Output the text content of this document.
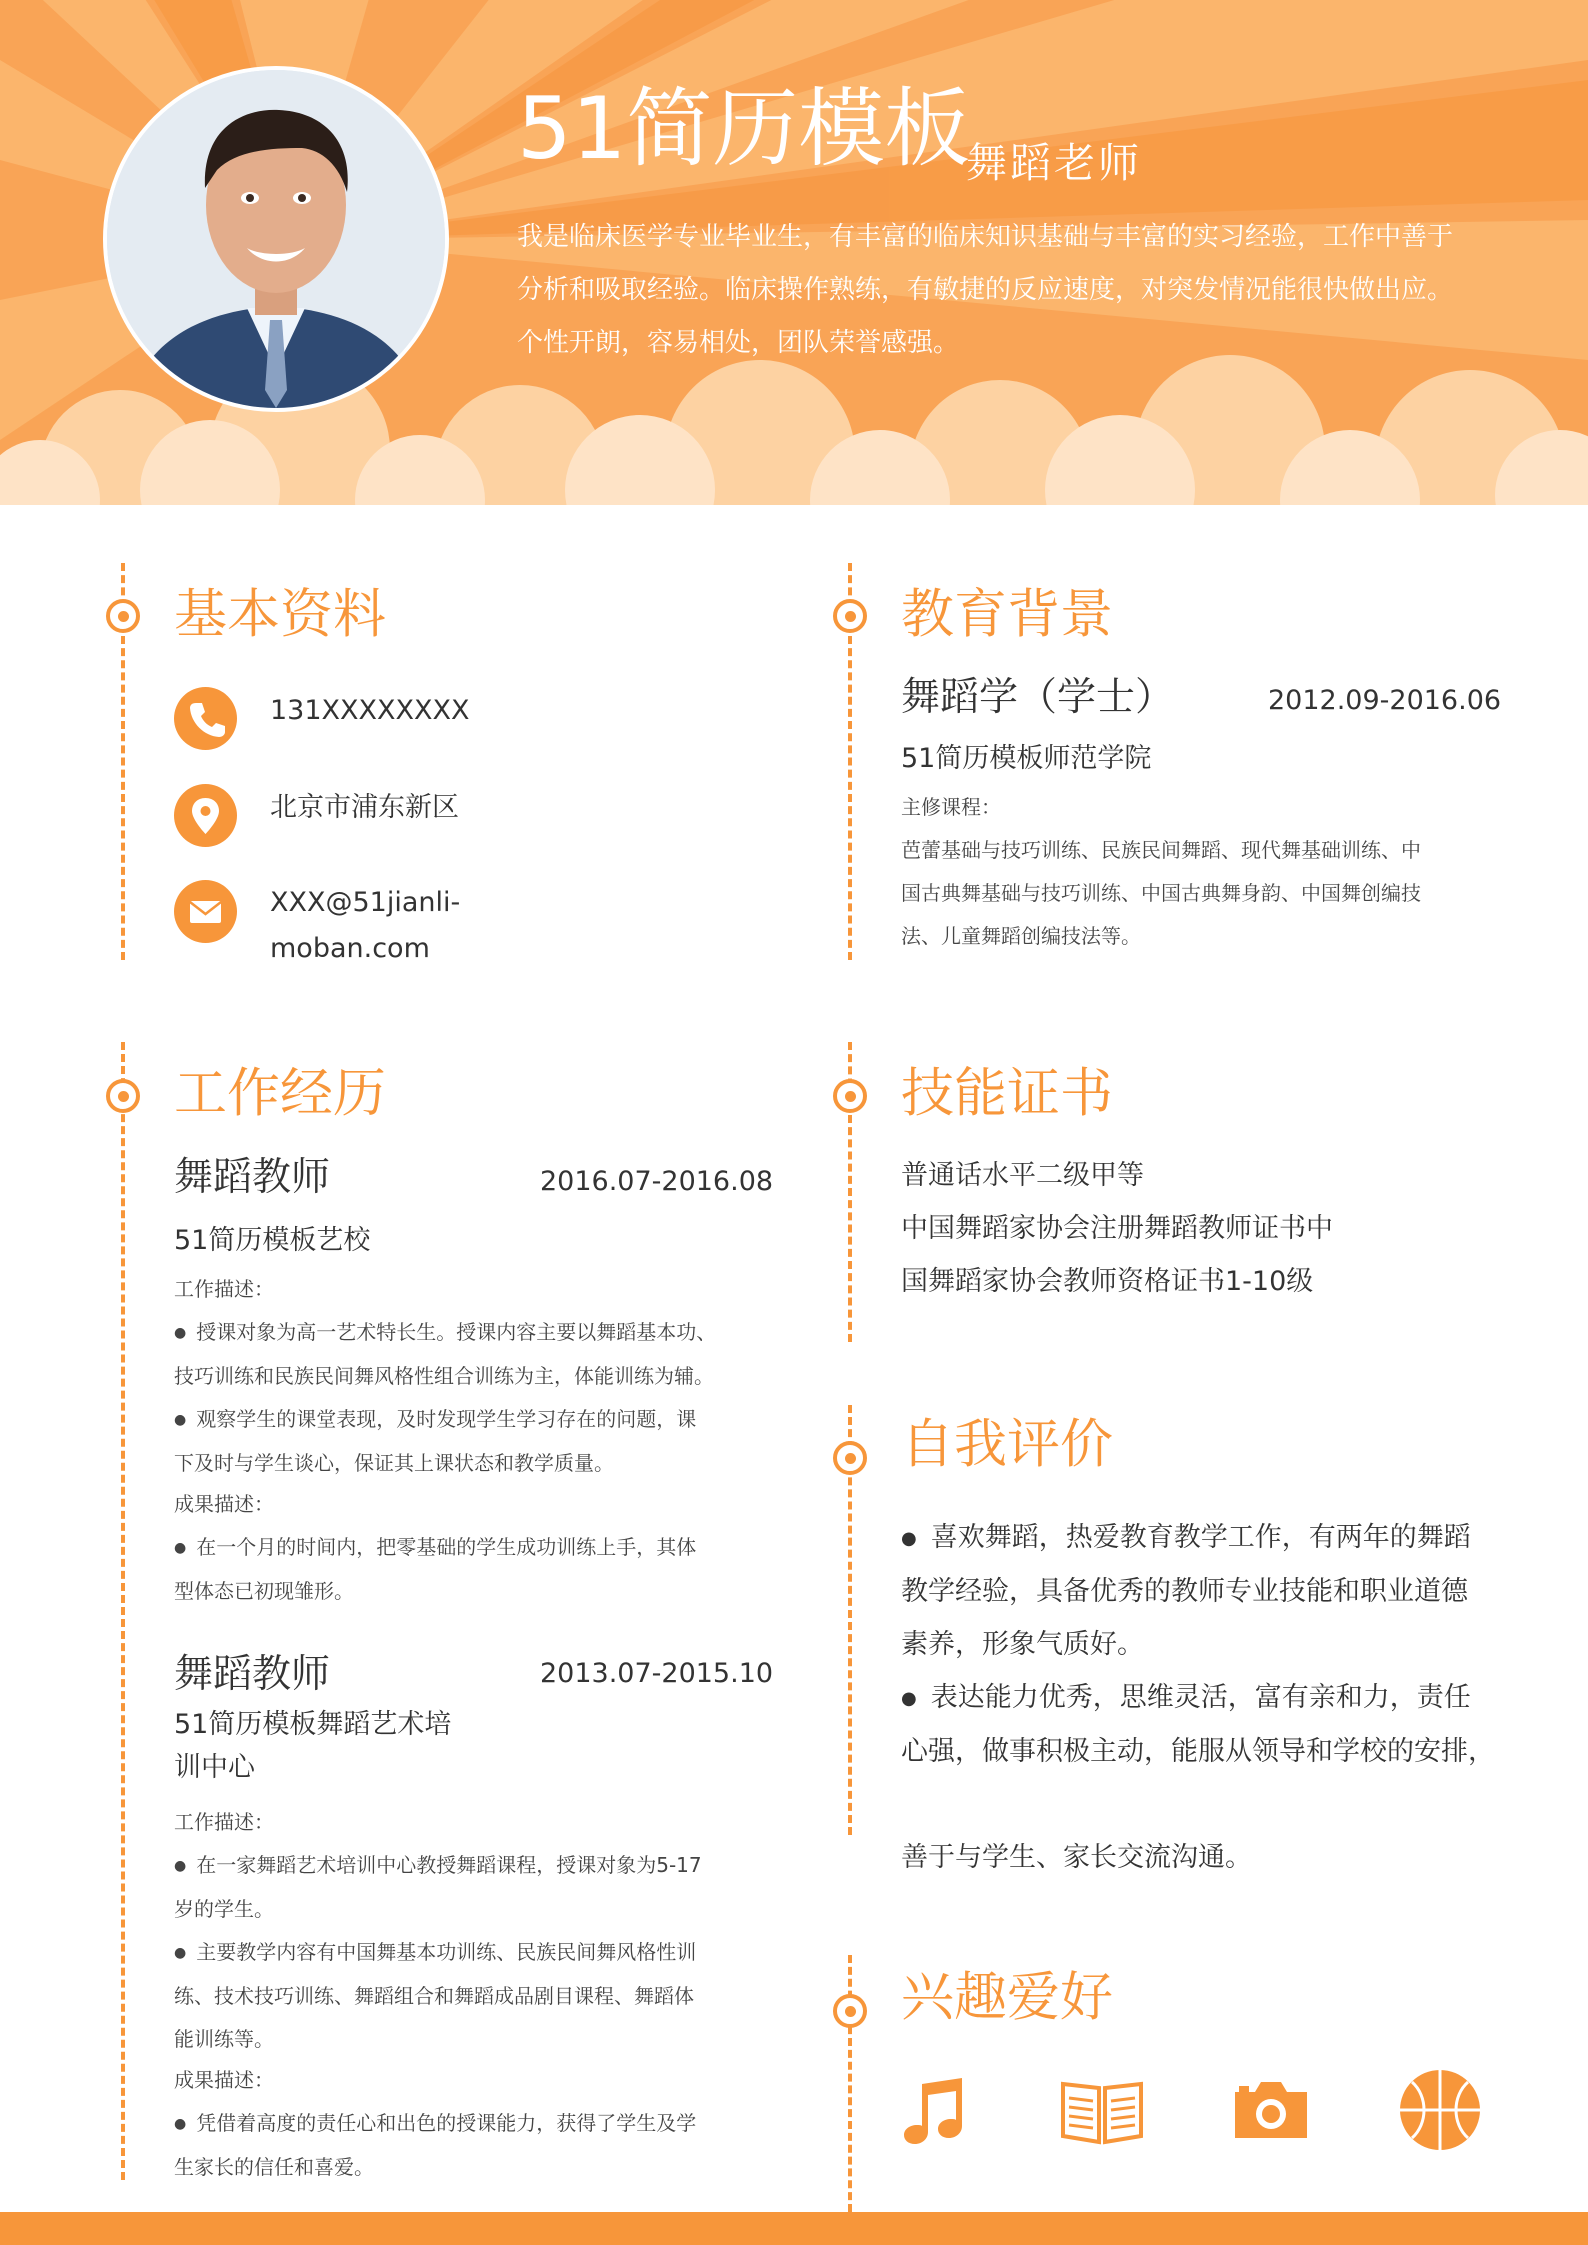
51简历模板
舞蹈老师
我是临床医学专业毕业生，有丰富的临床知识基础与丰富的实习经验，工作中善于分析和吸取经验。临床操作熟练，有敏捷的反应速度，对突发情况能很快做出应。个性开朗，容易相处，团队荣誉感强。
基本资料
131XXXXXXXX
北京市浦东新区
XXX@51jianli-
moban.com
教育背景
舞蹈学（学士）	2012.09-2016.06
51简历模板师范学院
主修课程：
芭蕾基础与技巧训练、民族民间舞蹈、现代舞基础训练、中
国古典舞基础与技巧训练、中国古典舞身韵、中国舞创编技
法、儿童舞蹈创编技法等。
工作经历
舞蹈教师	2016.07-2016.08
51简历模板艺校
工作描述：
● 授课对象为高一艺术特长生。授课内容主要以舞蹈基本功、
技巧训练和民族民间舞风格性组合训练为主，体能训练为辅。
● 观察学生的课堂表现，及时发现学生学习存在的问题，课
下及时与学生谈心，保证其上课状态和教学质量。
成果描述：
● 在一个月的时间内，把零基础的学生成功训练上手，其体
型体态已初现雏形。
舞蹈教师	2013.07-2015.10
51简历模板舞蹈艺术培
训中心
工作描述：
● 在一家舞蹈艺术培训中心教授舞蹈课程，授课对象为5-17
岁的学生。
● 主要教学内容有中国舞基本功训练、民族民间舞风格性训
练、技术技巧训练、舞蹈组合和舞蹈成品剧目课程、舞蹈体
能训练等。
成果描述：
● 凭借着高度的责任心和出色的授课能力，获得了学生及学
生家长的信任和喜爱。
技能证书
普通话水平二级甲等
中国舞蹈家协会注册舞蹈教师证书中
国舞蹈家协会教师资格证书1-10级
自我评价
● 喜欢舞蹈，热爱教育教学工作，有两年的舞蹈
教学经验，具备优秀的教师专业技能和职业道德
素养，形象气质好。
● 表达能力优秀，思维灵活，富有亲和力，责任
心强，做事积极主动，能服从领导和学校的安排，
善于与学生、家长交流沟通。
兴趣爱好
